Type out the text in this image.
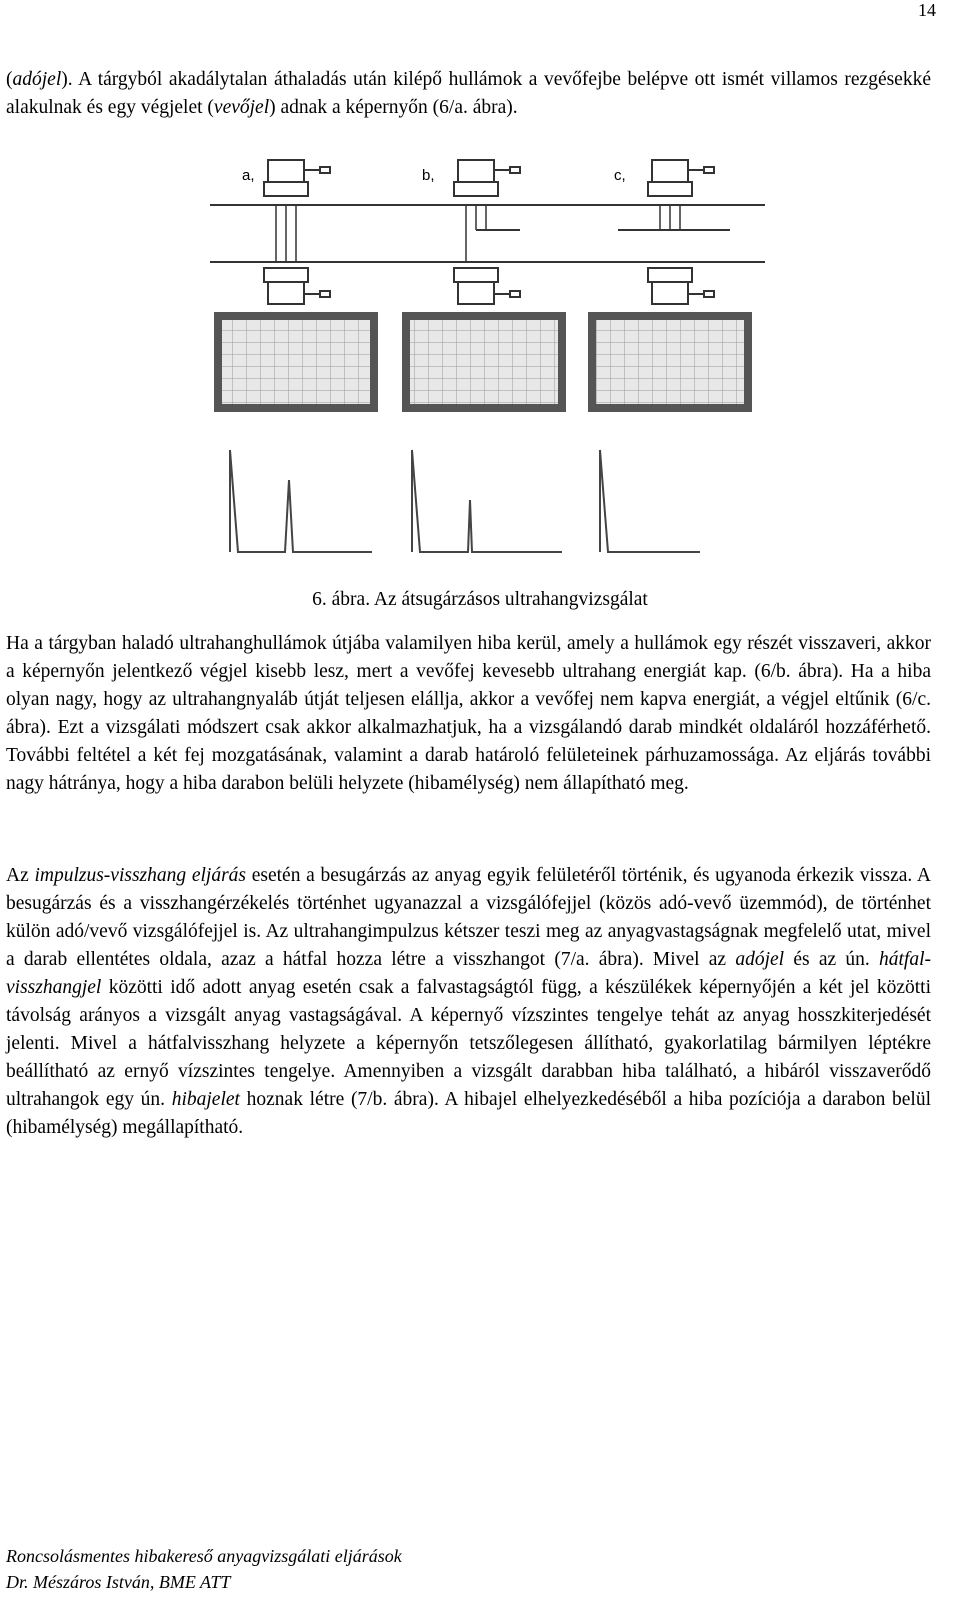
14

(adójel). A tárgyból akadálytalan áthaladás után kilépő hullámok a vevőfejbe belépve ott ismét villamos rezgésekké alakulnak és egy végjelet (vevőjel) adnak a képernyőn (6/a. ábra).

a,	b,	c,
6. ábra. Az átsugárzásos ultrahangvizsgálat

Ha a tárgyban haladó ultrahanghullámok útjába valamilyen hiba kerül, amely a hullámok egy részét visszaveri, akkor a képernyőn jelentkező végjel kisebb lesz, mert a vevőfej kevesebb ultrahang energiát kap. (6/b. ábra). Ha a hiba olyan nagy, hogy az ultrahangnyaláb útját teljesen elállja, akkor a vevőfej nem kapva energiát, a végjel eltűnik (6/c. ábra). Ezt a vizsgálati módszert csak akkor alkalmazhatjuk, ha a vizsgálandó darab mindkét oldaláról hozzáférhető. További feltétel a két fej mozgatásának, valamint a darab határoló felületeinek párhuzamossága. Az eljárás további nagy hátránya, hogy a hiba darabon belüli helyzete (hibamélység) nem állapítható meg.

Az impulzus-visszhang eljárás esetén a besugárzás az anyag egyik felületéről történik, és ugyanoda érkezik vissza. A besugárzás és a visszhangérzékelés történhet ugyanazzal a vizsgálófejjel (közös adó-vevő üzemmód), de történhet külön adó/vevő vizsgálófejjel is. Az ultrahangimpulzus kétszer teszi meg az anyagvastagságnak megfelelő utat, mivel a darab ellentétes oldala, azaz a hátfal hozza létre a visszhangot (7/a. ábra). Mivel az adójel és az ún. hátfal-visszhangjel közötti idő adott anyag esetén csak a falvastagságtól függ, a készülékek képernyőjén a két jel közötti távolság arányos a vizsgált anyag vastagságával. A képernyő vízszintes tengelye tehát az anyag hosszkiterjedését jelenti. Mivel a hátfalvisszhang helyzete a képernyőn tetszőlegesen állítható, gyakorlatilag bármilyen léptékre beállítható az ernyő vízszintes tengelye. Amennyiben a vizsgált darabban hiba található, a hibáról visszaverődő ultrahangok egy ún. hibajelet hoznak létre (7/b. ábra). A hibajel elhelyezkedéséből a hiba pozíciója a darabon belül (hibamélység) megállapítható.

Roncsolásmentes hibakereső anyagvizsgálati eljárások
Dr. Mészáros István, BME ATT
